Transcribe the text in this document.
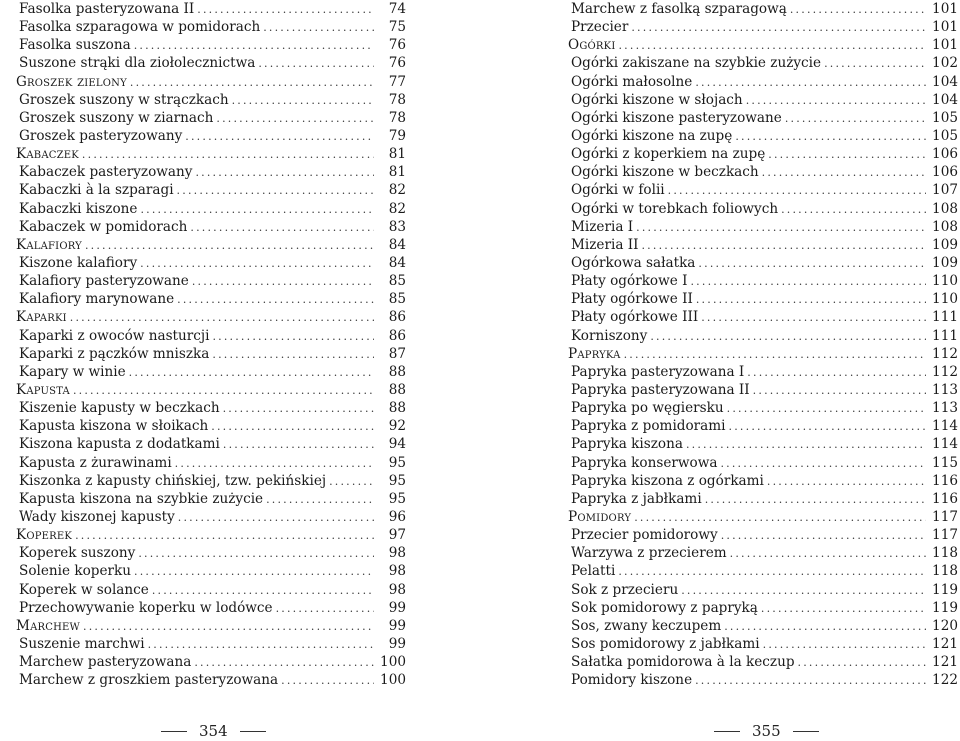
Fasolka pasteryzowana II .....	74
Fasolka szparagowa w pomidorach .....	75
Fasolka suszona .....	76
Suszone strąki dla ziołolecznictwa .....	76
Groszek zielony .....	77
Groszek suszony w strączkach .....	78
Groszek suszony w ziarnach .....	78
Groszek pasteryzowany .....	79
Kabaczek .....	81
Kabaczek pasteryzowany .....	81
Kabaczki à la szparagi .....	82
Kabaczki kiszone .....	82
Kabaczek w pomidorach .....	83
Kalafiory .....	84
Kiszone kalafiory .....	84
Kalafiory pasteryzowane .....	85
Kalafiory marynowane .....	85
Kaparki .....	86
Kaparki z owoców nasturcji .....	86
Kaparki z pączków mniszka .....	87
Kapary w winie .....	88
Kapusta .....	88
Kiszenie kapusty w beczkach .....	88
Kapusta kiszona w słoikach .....	92
Kiszona kapusta z dodatkami .....	94
Kapusta z żurawinami .....	95
Kiszonka z kapusty chińskiej, tzw. pekińskiej .....	95
Kapusta kiszona na szybkie zużycie .....	95
Wady kiszonej kapusty .....	96
Koperek .....	97
Koperek suszony .....	98
Solenie koperku .....	98
Koperek w solance .....	98
Przechowywanie koperku w lodówce .....	99
Marchew .....	99
Suszenie marchwi .....	99
Marchew pasteryzowana .....	100
Marchew z groszkiem pasteryzowana .....	100
Marchew z fasolką szparagową .....	101
Przecier .....	101
Ogórki .....	101
Ogórki zakiszane na szybkie zużycie .....	102
Ogórki małosolne .....	104
Ogórki kiszone w słojach .....	104
Ogórki kiszone pasteryzowane .....	105
Ogórki kiszone na zupę .....	105
Ogórki z koperkiem na zupę .....	106
Ogórki kiszone w beczkach .....	106
Ogórki w folii .....	107
Ogórki w torebkach foliowych .....	108
Mizeria I .....	108
Mizeria II .....	109
Ogórkowa sałatka .....	109
Płaty ogórkowe I .....	110
Płaty ogórkowe II .....	110
Płaty ogórkowe III .....	111
Korniszony .....	111
Papryka .....	112
Papryka pasteryzowana I .....	112
Papryka pasteryzowana II .....	113
Papryka po węgiersku .....	113
Papryka z pomidorami .....	114
Papryka kiszona .....	114
Papryka konserwowa .....	115
Papryka kiszona z ogórkami .....	116
Papryka z jabłkami .....	116
Pomidory .....	117
Przecier pomidorowy .....	117
Warzywa z przecierem .....	118
Pelatti .....	118
Sok z przecieru .....	119
Sok pomidorowy z papryką .....	119
Sos, zwany keczupem .....	120
Sos pomidorowy z jabłkami .....	121
Sałatka pomidorowa à la keczup .....	121
Pomidory kiszone .....	122
354	355
